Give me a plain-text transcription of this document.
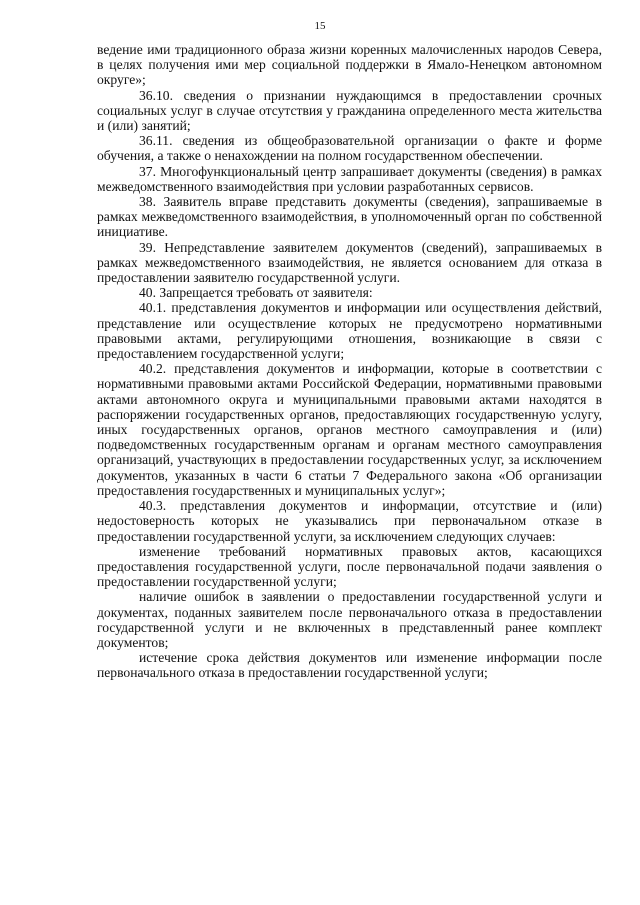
15

ведение ими традиционного образа жизни коренных малочисленных народов Севера, в целях получения ими мер социальной поддержки в Ямало-Ненецком автономном округе»;

36.10. сведения о признании нуждающимся в предоставлении срочных социальных услуг в случае отсутствия у гражданина определенного места жительства и (или) занятий;

36.11. сведения из общеобразовательной организации о факте и форме обучения, а также о ненахождении на полном государственном обеспечении.

37. Многофункциональный центр запрашивает документы (сведения) в рамках межведомственного взаимодействия при условии разработанных сервисов.

38. Заявитель вправе представить документы (сведения), запрашиваемые в рамках межведомственного взаимодействия, в уполномоченный орган по собственной инициативе.

39. Непредставление заявителем документов (сведений), запрашиваемых в рамках межведомственного взаимодействия, не является основанием для отказа в предоставлении заявителю государственной услуги.

40. Запрещается требовать от заявителя:

40.1. представления документов и информации или осуществления действий, представление или осуществление которых не предусмотрено нормативными правовыми актами, регулирующими отношения, возникающие в связи с предоставлением государственной услуги;

40.2. представления документов и информации, которые в соответствии с нормативными правовыми актами Российской Федерации, нормативными правовыми актами автономного округа и муниципальными правовыми актами находятся в распоряжении государственных органов, предоставляющих государственную услугу, иных государственных органов, органов местного самоуправления и (или) подведомственных государственным органам и органам местного самоуправления организаций, участвующих в предоставлении государственных услуг, за исключением документов, указанных в части 6 статьи 7 Федерального закона «Об организации предоставления государственных и муниципальных услуг»;

40.3. представления документов и информации, отсутствие и (или) недостоверность которых не указывались при первоначальном отказе в предоставлении государственной услуги, за исключением следующих случаев:

изменение требований нормативных правовых актов, касающихся предоставления государственной услуги, после первоначальной подачи заявления о предоставлении государственной услуги;

наличие ошибок в заявлении о предоставлении государственной услуги и документах, поданных заявителем после первоначального отказа в предоставлении государственной услуги и не включенных в представленный ранее комплект документов;

истечение срока действия документов или изменение информации после первоначального отказа в предоставлении государственной услуги;
